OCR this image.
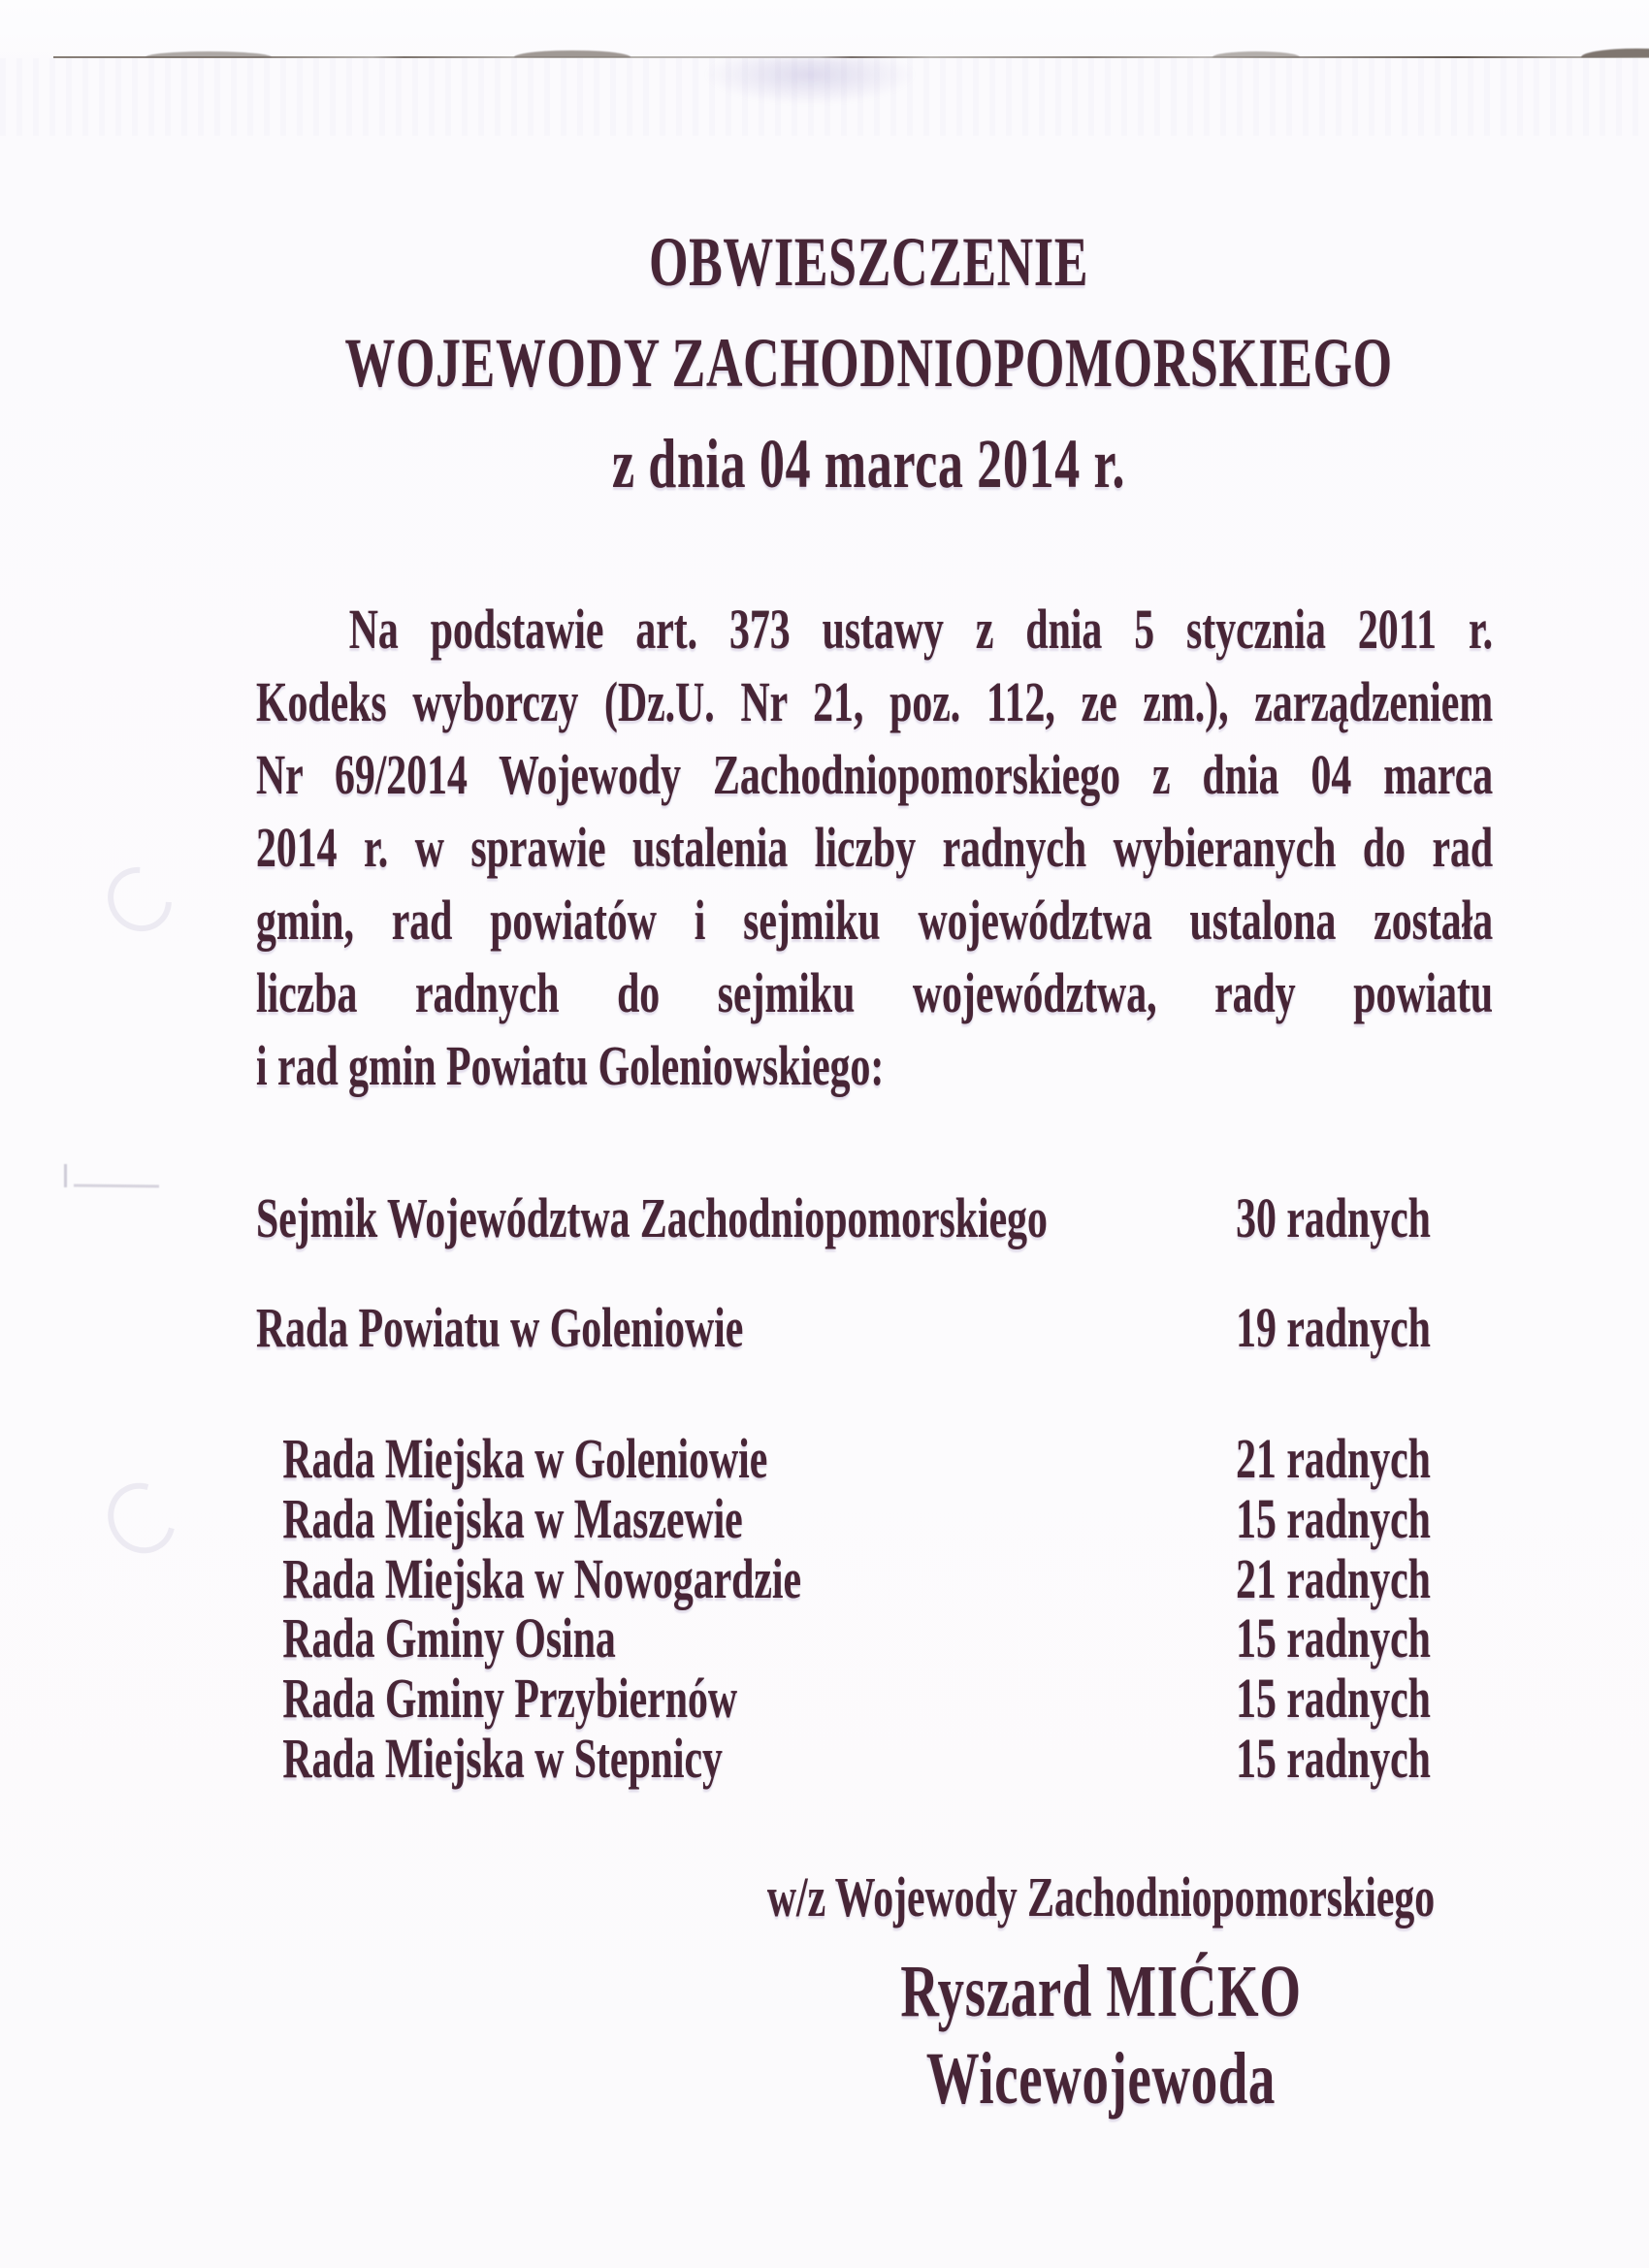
OBWIESZCZENIE
WOJEWODY ZACHODNIOPOMORSKIEGO
z dnia 04 marca 2014 r.
Na podstawie art. 373 ustawy z dnia 5 stycznia 2011 r.
Kodeks wyborczy (Dz.U. Nr 21, poz. 112, ze zm.), zarządzeniem
Nr 69/2014 Wojewody Zachodniopomorskiego z dnia 04 marca
2014 r. w sprawie ustalenia liczby radnych wybieranych do rad
gmin, rad powiatów i sejmiku województwa ustalona została
liczba radnych do sejmiku województwa, rady powiatu
i rad gmin Powiatu Goleniowskiego:
Sejmik Województwa Zachodniopomorskiego	30 radnych
Rada Powiatu w Goleniowie	19 radnych
Rada Miejska w Goleniowie	21 radnych
Rada Miejska w Maszewie	15 radnych
Rada Miejska w Nowogardzie	21 radnych
Rada Gminy Osina	15 radnych
Rada Gminy Przybiernów	15 radnych
Rada Miejska w Stepnicy	15 radnych
w/z Wojewody Zachodniopomorskiego
Ryszard MIĆKO
Wicewojewoda
